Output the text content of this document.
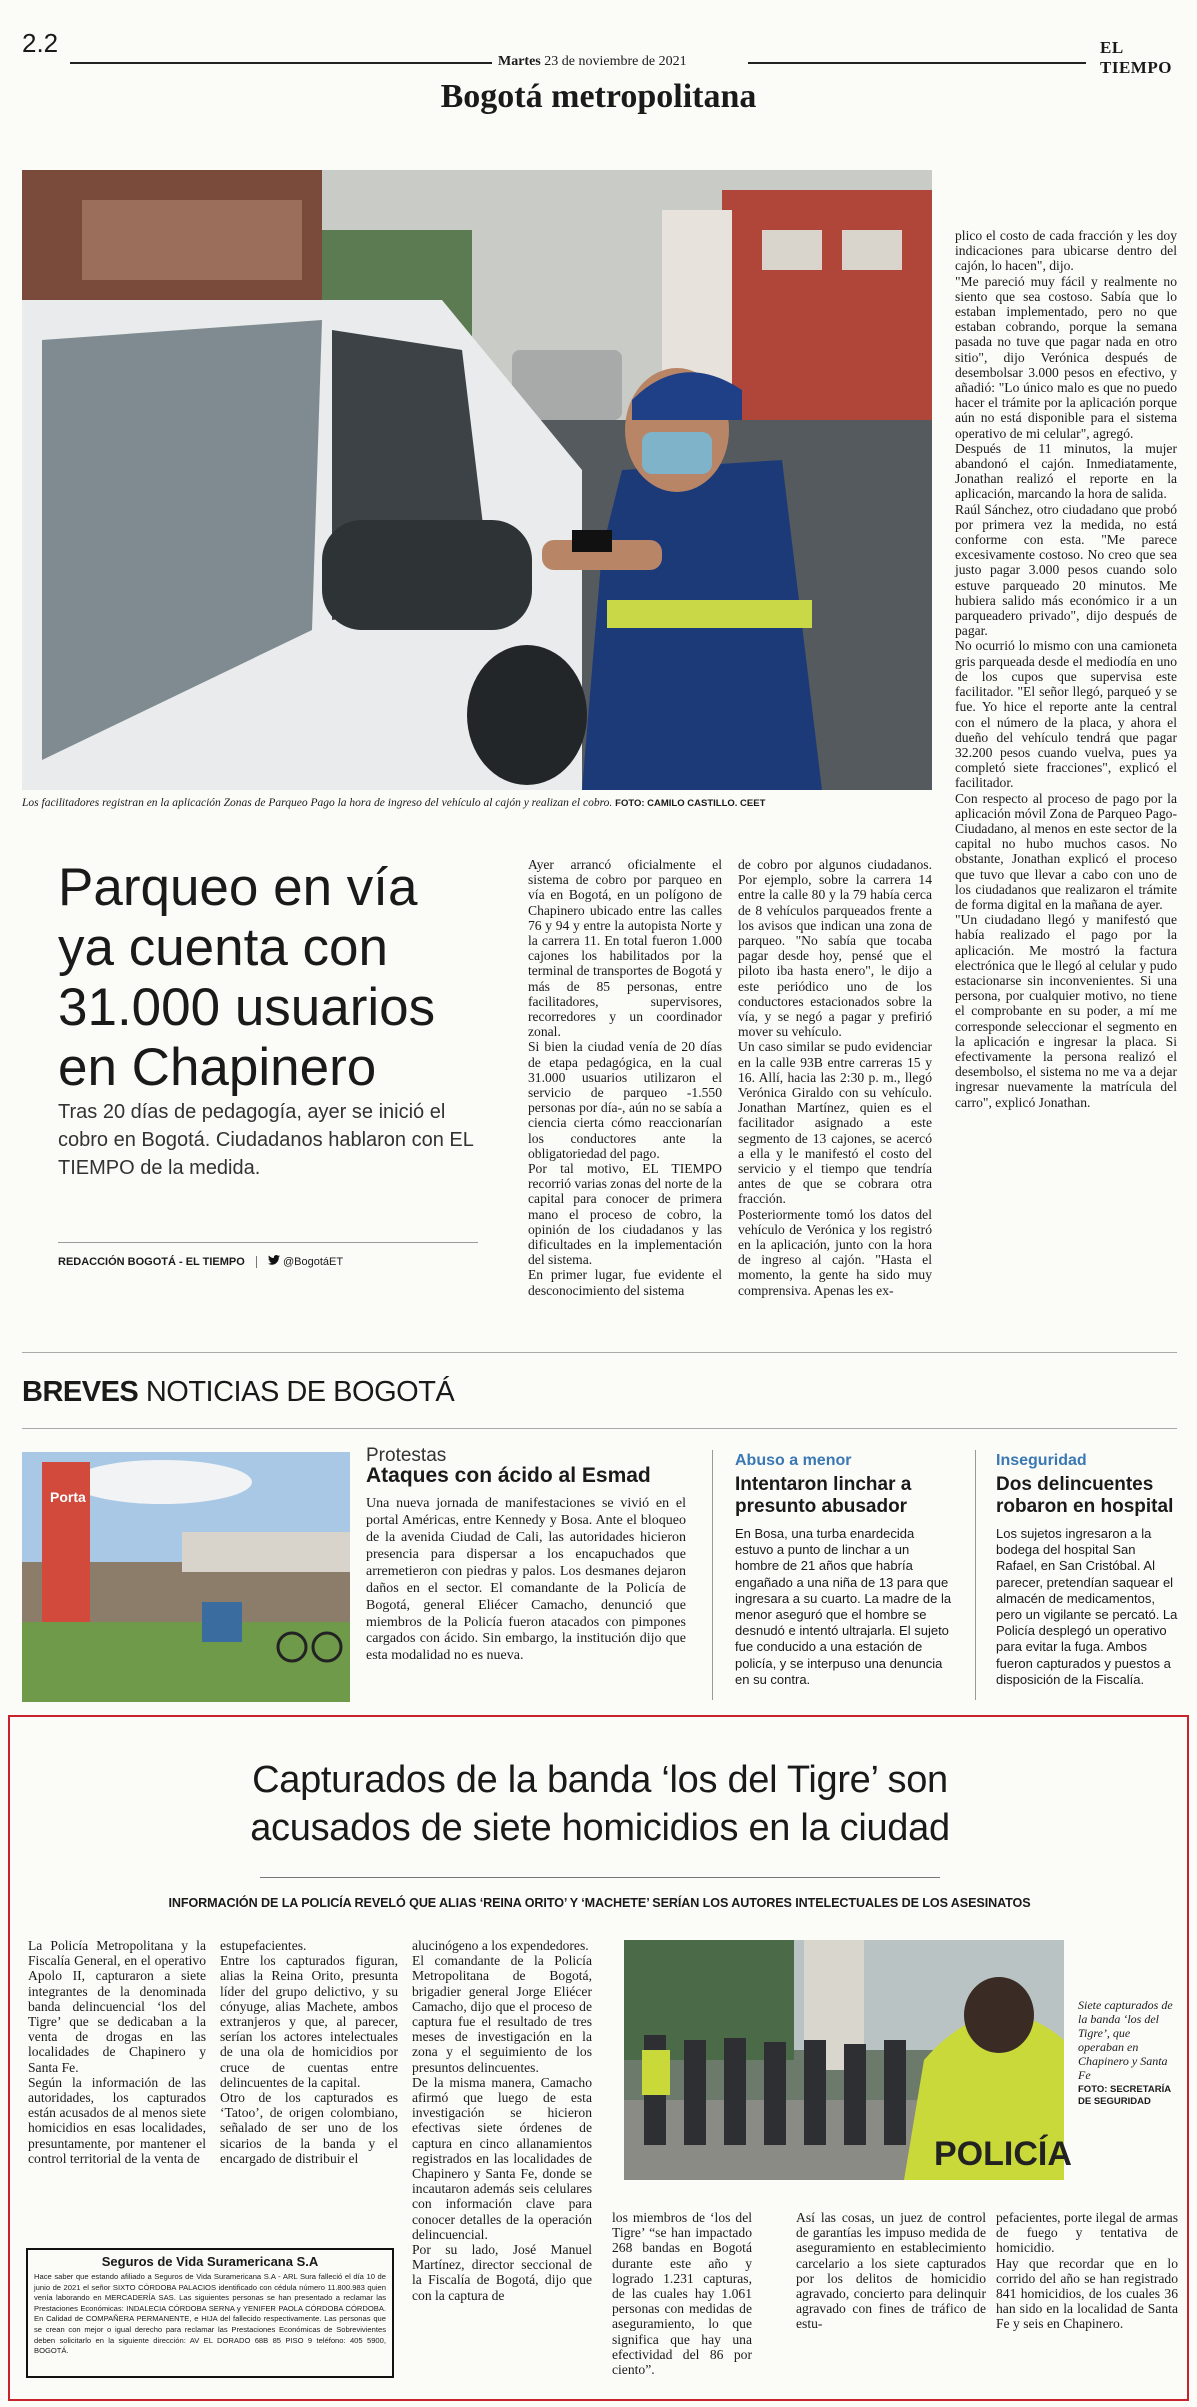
2.2
Martes 23 de noviembre de 2021
EL TIEMPO
Bogotá metropolitana
Los facilitadores registran en la aplicación Zonas de Parqueo Pago la hora de ingreso del vehículo al cajón y realizan el cobro. FOTO: CAMILO CASTILLO. CEET
Parqueo en vía ya cuenta con 31.000 usuarios en Chapinero
Tras 20 días de pedagogía, ayer se inició el cobro en Bogotá. Ciudadanos hablaron con EL TIEMPO de la medida.
REDACCIÓN BOGOTÁ - EL TIEMPO	@BogotáET
Ayer arrancó oficialmente el sistema de cobro por parqueo en vía en Bogotá, en un polígono de Chapinero ubicado entre las calles 76 y 94 y entre la autopista Norte y la carrera 11. En total fueron 1.000 cajones los habilitados por la terminal de transportes de Bogotá y más de 85 personas, entre facilitadores, supervisores, recorredores y un coordinador zonal.
Si bien la ciudad venía de 20 días de etapa pedagógica, en la cual 31.000 usuarios utilizaron el servicio de parqueo -1.550 personas por día-, aún no se sabía a ciencia cierta cómo reaccionarían los conductores ante la obligatoriedad del pago.
Por tal motivo, EL TIEMPO recorrió varias zonas del norte de la capital para conocer de primera mano el proceso de cobro, la opinión de los ciudadanos y las dificultades en la implementación del sistema.
En primer lugar, fue evidente el desconocimiento del sistema
de cobro por algunos ciudadanos. Por ejemplo, sobre la carrera 14 entre la calle 80 y la 79 había cerca de 8 vehículos parqueados frente a los avisos que indican una zona de parqueo. "No sabía que tocaba pagar desde hoy, pensé que el piloto iba hasta enero", le dijo a este periódico uno de los conductores estacionados sobre la vía, y se negó a pagar y prefirió mover su vehículo.
Un caso similar se pudo evidenciar en la calle 93B entre carreras 15 y 16. Allí, hacia las 2:30 p. m., llegó Verónica Giraldo con su vehículo. Jonathan Martínez, quien es el facilitador asignado a este segmento de 13 cajones, se acercó a ella y le manifestó el costo del servicio y el tiempo que tendría antes de que se cobrara otra fracción.
Posteriormente tomó los datos del vehículo de Verónica y los registró en la aplicación, junto con la hora de ingreso al cajón. "Hasta el momento, la gente ha sido muy comprensiva. Apenas les ex-
plico el costo de cada fracción y les doy indicaciones para ubicarse dentro del cajón, lo hacen", dijo.
"Me pareció muy fácil y realmente no siento que sea costoso. Sabía que lo estaban implementado, pero no que estaban cobrando, porque la semana pasada no tuve que pagar nada en otro sitio", dijo Verónica después de desembolsar 3.000 pesos en efectivo, y añadió: "Lo único malo es que no puedo hacer el trámite por la aplicación porque aún no está disponible para el sistema operativo de mi celular", agregó.
Después de 11 minutos, la mujer abandonó el cajón. Inmediatamente, Jonathan realizó el reporte en la aplicación, marcando la hora de salida.
Raúl Sánchez, otro ciudadano que probó por primera vez la medida, no está conforme con esta. "Me parece excesivamente costoso. No creo que sea justo pagar 3.000 pesos cuando solo estuve parqueado 20 minutos. Me hubiera salido más económico ir a un parqueadero privado", dijo después de pagar.
No ocurrió lo mismo con una camioneta gris parqueada desde el mediodía en uno de los cupos que supervisa este facilitador. "El señor llegó, parqueó y se fue. Yo hice el reporte ante la central con el número de la placa, y ahora el dueño del vehículo tendrá que pagar 32.200 pesos cuando vuelva, pues ya completó siete fracciones", explicó el facilitador.
Con respecto al proceso de pago por la aplicación móvil Zona de Parqueo Pago-Ciudadano, al menos en este sector de la capital no hubo muchos casos. No obstante, Jonathan explicó el proceso que tuvo que llevar a cabo con uno de los ciudadanos que realizaron el trámite de forma digital en la mañana de ayer.
"Un ciudadano llegó y manifestó que había realizado el pago por la aplicación. Me mostró la factura electrónica que le llegó al celular y pudo estacionarse sin inconvenientes. Si una persona, por cualquier motivo, no tiene el comprobante en su poder, a mí me corresponde seleccionar el segmento en la aplicación e ingresar la placa. Si efectivamente la persona realizó el desembolso, el sistema no me va a dejar ingresar nuevamente la matrícula del carro", explicó Jonathan.
BREVES NOTICIAS DE BOGOTÁ
Porta
Protestas
Ataques con ácido al Esmad
Una nueva jornada de manifestaciones se vivió en el portal Américas, entre Kennedy y Bosa. Ante el bloqueo de la avenida Ciudad de Cali, las autoridades hicieron presencia para dispersar a los encapuchados que arremetieron con piedras y palos. Los desmanes dejaron daños en el sector. El comandante de la Policía de Bogotá, general Eliécer Camacho, denunció que miembros de la Policía fueron atacados con pimpones cargados con ácido. Sin embargo, la institución dijo que esta modalidad no es nueva.
Abuso a menor
Intentaron linchar a presunto abusador
En Bosa, una turba enardecida estuvo a punto de linchar a un hombre de 21 años que habría engañado a una niña de 13 para que ingresara a su cuarto. La madre de la menor aseguró que el hombre se desnudó e intentó ultrajarla. El sujeto fue conducido a una estación de policía, y se interpuso una denuncia en su contra.
Inseguridad
Dos delincuentes robaron en hospital
Los sujetos ingresaron a la bodega del hospital San Rafael, en San Cristóbal. Al parecer, pretendían saquear el almacén de medicamentos, pero un vigilante se percató. La Policía desplegó un operativo para evitar la fuga. Ambos fueron capturados y puestos a disposición de la Fiscalía.
Capturados de la banda ‘los del Tigre’ son acusados de siete homicidios en la ciudad
INFORMACIÓN DE LA POLICÍA REVELÓ QUE ALIAS ‘REINA ORITO’ Y ‘MACHETE’ SERÍAN LOS AUTORES INTELECTUALES DE LOS ASESINATOS
La Policía Metropolitana y la Fiscalía General, en el operativo Apolo II, capturaron a siete integrantes de la denominada banda delincuencial ‘los del Tigre’ que se dedicaban a la venta de drogas en las localidades de Chapinero y Santa Fe.
Según la información de las autoridades, los capturados están acusados de al menos siete homicidios en esas localidades, presuntamente, por mantener el control territorial de la venta de
estupefacientes.
Entre los capturados figuran, alias la Reina Orito, presunta líder del grupo delictivo, y su cónyuge, alias Machete, ambos extranjeros y que, al parecer, serían los actores intelectuales de una ola de homicidios por cruce de cuentas entre delincuentes de la capital.
Otro de los capturados es ‘Tatoo’, de origen colombiano, señalado de ser uno de los sicarios de la banda y el encargado de distribuir el
alucinógeno a los expendedores.
El comandante de la Policía Metropolitana de Bogotá, brigadier general Jorge Eliécer Camacho, dijo que el proceso de captura fue el resultado de tres meses de investigación en la zona y el seguimiento de los presuntos delincuentes.
De la misma manera, Camacho afirmó que luego de esta investigación se hicieron efectivas siete órdenes de captura en cinco allanamientos registrados en las localidades de Chapinero y Santa Fe, donde se incautaron además seis celulares con información clave para conocer detalles de la operación delincuencial.
Por su lado, José Manuel Martínez, director seccional de la Fiscalía de Bogotá, dijo que con la captura de
POLICÍA
Siete capturados de la banda ‘los del Tigre’, que operaban en Chapinero y Santa Fe
FOTO: SECRETARÍA DE SEGURIDAD
los miembros de ‘los del Tigre’ “se han impactado 268 bandas en Bogotá durante este año y logrado 1.231 capturas, de las cuales hay 1.061 personas con medidas de aseguramiento, lo que significa que hay una efectividad del 86 por ciento”.
Así las cosas, un juez de control de garantías les impuso medida de aseguramiento en establecimiento carcelario a los siete capturados por los delitos de homicidio agravado, concierto para delinquir agravado con fines de tráfico de estu-
pefacientes, porte ilegal de armas de fuego y tentativa de homicidio.
Hay que recordar que en lo corrido del año se han registrado 841 homicidios, de los cuales 36 han sido en la localidad de Santa Fe y seis en Chapinero.
Seguros de Vida Suramericana S.A
Hace saber que estando afiliado a Seguros de Vida Suramericana S.A - ARL Sura falleció el día 10 de junio de 2021 el señor SIXTO CÓRDOBA PALACIOS identificado con cédula número 11.800.983 quien venía laborando en MERCADERÍA SAS. Las siguientes personas se han presentado a reclamar las Prestaciones Económicas: INDALECIA CÓRDOBA SERNA y YENIFER PAOLA CÓRDOBA CÓRDOBA. En Calidad de COMPAÑERA PERMANENTE, e HIJA del fallecido respectivamente. Las personas que se crean con mejor o igual derecho para reclamar las Prestaciones Económicas de Sobrevivientes deben solicitarlo en la siguiente dirección: AV EL DORADO 68B 85 PISO 9 teléfono: 405 5900, BOGOTÁ.
